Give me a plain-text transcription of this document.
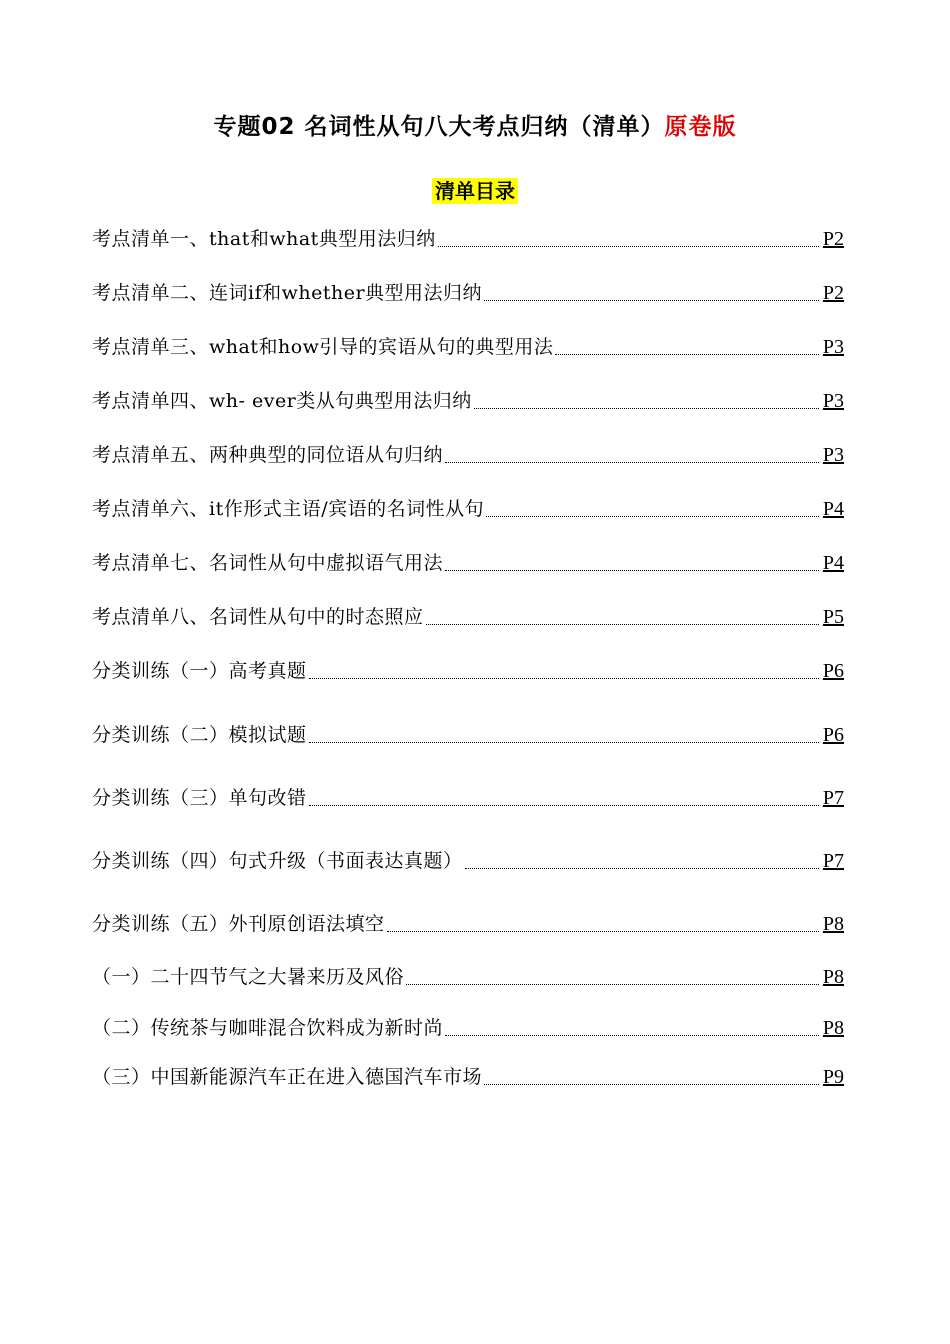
专题02 名词性从句八大考点归纳（清单）原卷版
清单目录
考点清单一、that和what典型用法归纳	P2
考点清单二、连词if和whether典型用法归纳	P2
考点清单三、what和how引导的宾语从句的典型用法	P3
考点清单四、wh- ever类从句典型用法归纳	P3
考点清单五、两种典型的同位语从句归纳	P3
考点清单六、it作形式主语/宾语的名词性从句	P4
考点清单七、名词性从句中虚拟语气用法	P4
考点清单八、名词性从句中的时态照应	P5
分类训练（一）高考真题	P6
分类训练（二）模拟试题	P6
分类训练（三）单句改错	P7
分类训练（四）句式升级（书面表达真题）	P7
分类训练（五）外刊原创语法填空	P8
（一）二十四节气之大暑来历及风俗	P8
（二）传统茶与咖啡混合饮料成为新时尚	P8
（三）中国新能源汽车正在进入德国汽车市场	P9
